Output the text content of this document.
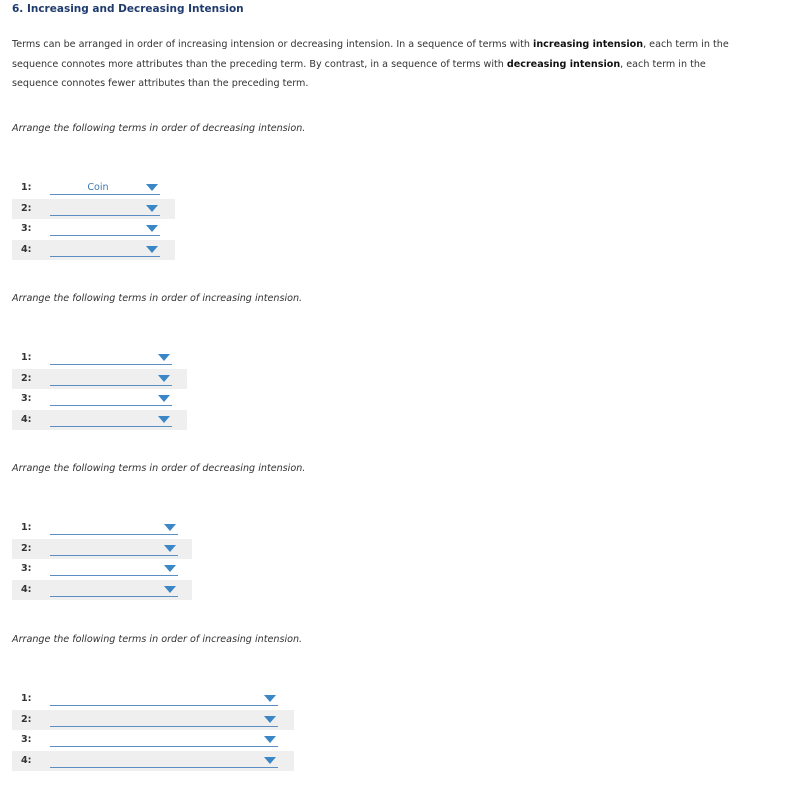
6. Increasing and Decreasing Intension
Terms can be arranged in order of increasing intension or decreasing intension. In a sequence of terms with increasing intension, each term in the sequence connotes more attributes than the preceding term. By contrast, in a sequence of terms with decreasing intension, each term in the sequence connotes fewer attributes than the preceding term.
Arrange the following terms in order of decreasing intension.
1:	Coin
2:
3:
4:
Arrange the following terms in order of increasing intension.
1:
2:
3:
4:
Arrange the following terms in order of decreasing intension.
1:
2:
3:
4:
Arrange the following terms in order of increasing intension.
1:
2:
3:
4:
